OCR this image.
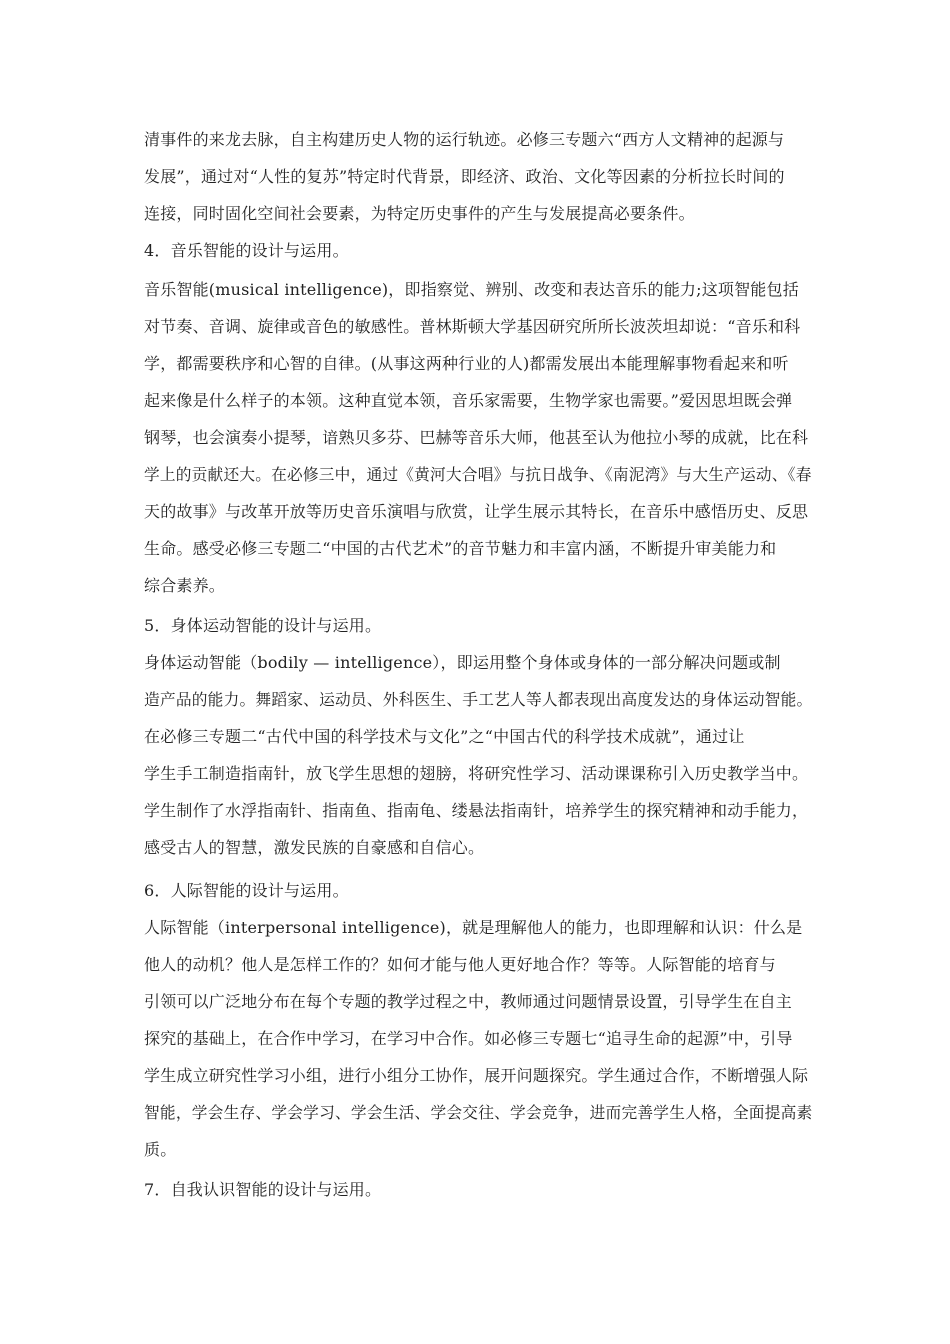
清事件的来龙去脉，自主构建历史人物的运行轨迹。必修三专题六“西方人文精神的起源与
发展”，通过对“人性的复苏”特定时代背景，即经济、政治、文化等因素的分析拉长时间的
连接，同时固化空间社会要素，为特定历史事件的产生与发展提高必要条件。
4．音乐智能的设计与运用。
音乐智能(musical intelligence)，即指察觉、辨别、改变和表达音乐的能力;这项智能包括
对节奏、音调、旋律或音色的敏感性。普林斯顿大学基因研究所所长波茨坦却说：“音乐和科
学，都需要秩序和心智的自律。(从事这两种行业的人)都需发展出本能理解事物看起来和听
起来像是什么样子的本领。这种直觉本领，音乐家需要，生物学家也需要。”爱因思坦既会弹
钢琴，也会演奏小提琴，谙熟贝多芬、巴赫等音乐大师，他甚至认为他拉小琴的成就，比在科
学上的贡献还大。在必修三中，通过《黄河大合唱》与抗日战争、《南泥湾》与大生产运动、《春
天的故事》与改革开放等历史音乐演唱与欣赏，让学生展示其特长，在音乐中感悟历史、反思
生命。感受必修三专题二“中国的古代艺术”的音节魅力和丰富内涵，不断提升审美能力和
综合素养。
5．身体运动智能的设计与运用。
身体运动智能（bodily — intelligence），即运用整个身体或身体的一部分解决问题或制
造产品的能力。舞蹈家、运动员、外科医生、手工艺人等人都表现出高度发达的身体运动智能。
在必修三专题二“古代中国的科学技术与文化”之“中国古代的科学技术成就”，通过让
学生手工制造指南针，放飞学生思想的翅膀，将研究性学习、活动课课称引入历史教学当中。
学生制作了水浮指南针、指南鱼、指南龟、缕悬法指南针，培养学生的探究精神和动手能力，
感受古人的智慧，激发民族的自豪感和自信心。
6．人际智能的设计与运用。
人际智能（interpersonal intelligence)，就是理解他人的能力，也即理解和认识：什么是
他人的动机？他人是怎样工作的？如何才能与他人更好地合作？等等。人际智能的培育与
引领可以广泛地分布在每个专题的教学过程之中，教师通过问题情景设置，引导学生在自主
探究的基础上，在合作中学习，在学习中合作。如必修三专题七“追寻生命的起源”中，引导
学生成立研究性学习小组，进行小组分工协作，展开问题探究。学生通过合作，不断增强人际
智能，学会生存、学会学习、学会生活、学会交往、学会竞争，进而完善学生人格，全面提高素
质。
7．自我认识智能的设计与运用。
